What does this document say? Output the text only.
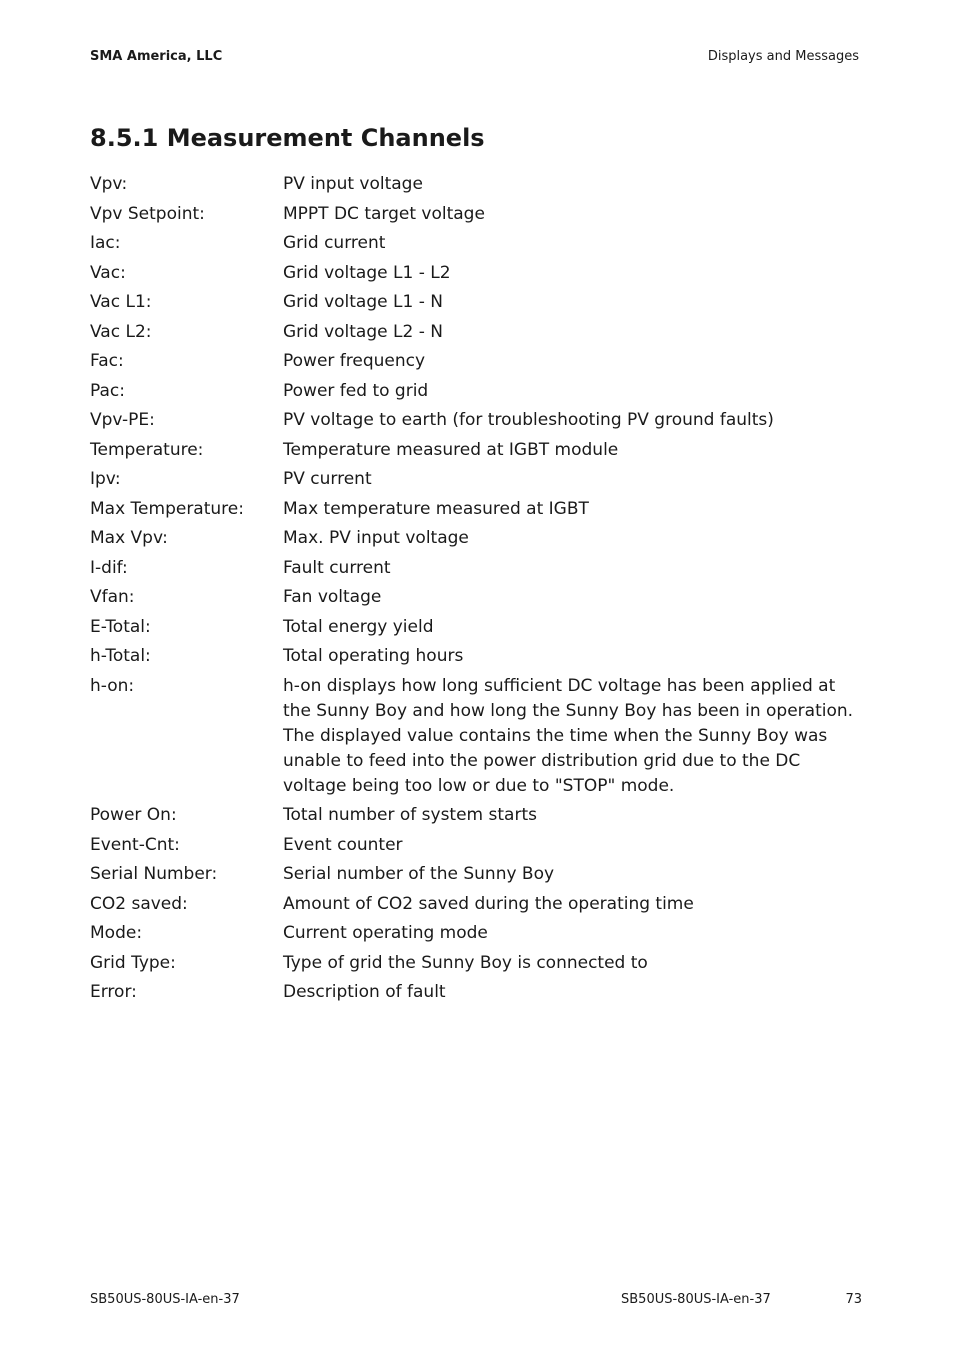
SMA America, LLC	Displays and Messages
8.5.1 Measurement Channels
Vpv:	PV input voltage
Vpv Setpoint:	MPPT DC target voltage
Iac:	Grid current
Vac:	Grid voltage L1 - L2
Vac L1:	Grid voltage L1 - N
Vac L2:	Grid voltage L2 - N
Fac:	Power frequency
Pac:	Power fed to grid
Vpv-PE:	PV voltage to earth (for troubleshooting PV ground faults)
Temperature:	Temperature measured at IGBT module
Ipv:	PV current
Max Temperature:	Max temperature measured at IGBT
Max Vpv:	Max. PV input voltage
I-dif:	Fault current
Vfan:	Fan voltage
E-Total:	Total energy yield
h-Total:	Total operating hours
h-on:	h-on displays how long sufficient DC voltage has been applied at the Sunny Boy and how long the Sunny Boy has been in operation. The displayed value contains the time when the Sunny Boy was unable to feed into the power distribution grid due to the DC voltage being too low or due to "STOP" mode.
Power On:	Total number of system starts
Event-Cnt:	Event counter
Serial Number:	Serial number of the Sunny Boy
CO2 saved:	Amount of CO2 saved during the operating time
Mode:	Current operating mode
Grid Type:	Type of grid the Sunny Boy is connected to
Error:	Description of fault
SB50US-80US-IA-en-37	SB50US-80US-IA-en-37	73
